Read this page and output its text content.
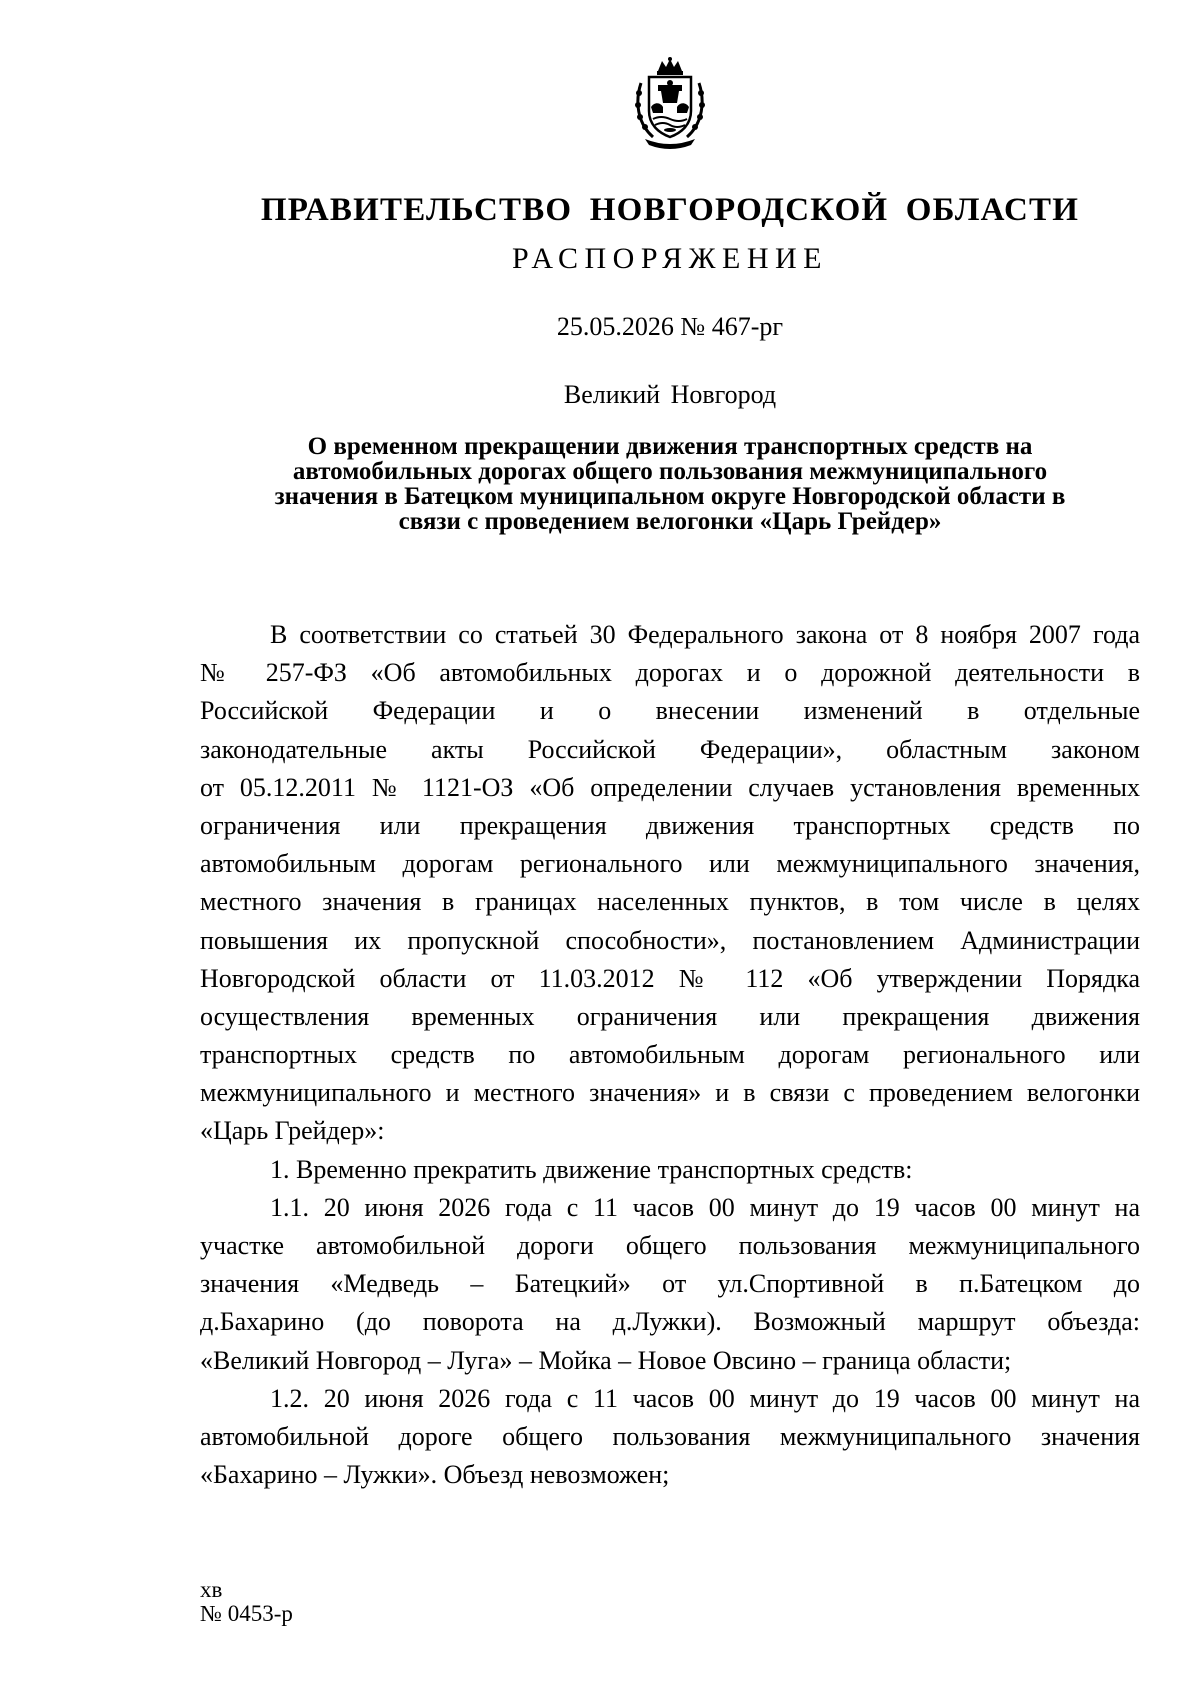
ПРАВИТЕЛЬСТВО НОВГОРОДСКОЙ ОБЛАСТИ
РАСПОРЯЖЕНИЕ
25.05.2026 № 467-рг
Великий Новгород
О временном прекращении движения транспортных средств на
автомобильных дорогах общего пользования межмуниципального
значения в Батецком муниципальном округе Новгородской области в
связи с проведением велогонки «Царь Грейдер»
В соответствии со статьей 30 Федерального закона от 8 ноября 2007 года
№ 257-ФЗ «Об автомобильных дорогах и о дорожной деятельности в
Российской Федерации и о внесении изменений в отдельные
законодательные акты Российской Федерации», областным законом
от 05.12.2011 № 1121-ОЗ «Об определении случаев установления временных
ограничения или прекращения движения транспортных средств по
автомобильным дорогам регионального или межмуниципального значения,
местного значения в границах населенных пунктов, в том числе в целях
повышения их пропускной способности», постановлением Администрации
Новгородской области от 11.03.2012 № 112 «Об утверждении Порядка
осуществления временных ограничения или прекращения движения
транспортных средств по автомобильным дорогам регионального или
межмуниципального и местного значения» и в связи с проведением велогонки
«Царь Грейдер»:
1. Временно прекратить движение транспортных средств:
1.1. 20 июня 2026 года с 11 часов 00 минут до 19 часов 00 минут на
участке автомобильной дороги общего пользования межмуниципального
значения «Медведь – Батецкий» от ул.Спортивной в п.Батецком до
д.Бахарино (до поворота на д.Лужки). Возможный маршрут объезда:
«Великий Новгород – Луга» – Мойка – Новое Овсино – граница области;
1.2. 20 июня 2026 года с 11 часов 00 минут до 19 часов 00 минут на
автомобильной дороге общего пользования межмуниципального значения
«Бахарино – Лужки». Объезд невозможен;
хв
№ 0453-р
